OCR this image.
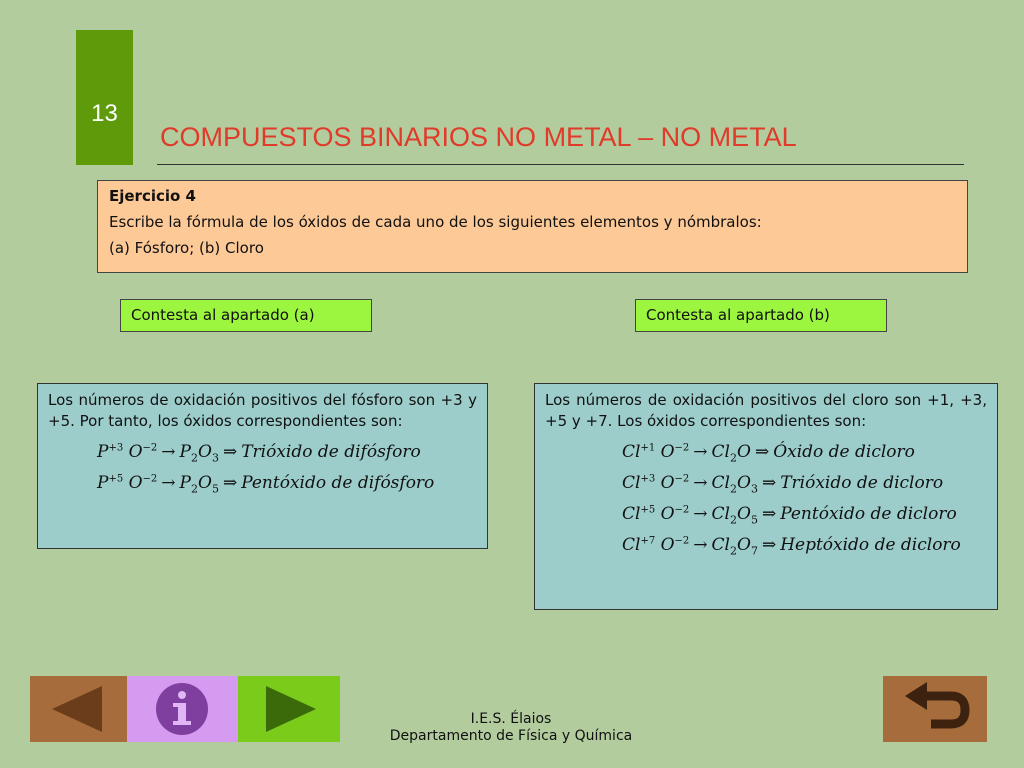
13
COMPUESTOS BINARIOS NO METAL – NO METAL
Ejercicio 4
Escribe la fórmula de los óxidos de cada uno de los siguientes elementos y nómbralos:
(a) Fósforo; (b) Cloro
Contesta al apartado (a)	Contesta al apartado (b)
Los números de oxidación positivos del fósforo son +3 y +5. Por tanto, los óxidos correspondientes son:
$P^{+3}$ $O^{-2} \to P_2O_3$ ⇒ Trióxido de difósforo
$P^{+5}$ $O^{-2} \to P_2O_5$ ⇒ Pentóxido de difósforo
Los números de oxidación positivos del cloro son +1, +3, +5 y +7. Los óxidos correspondientes son:
$Cl^{+1}$ $O^{-2} \to Cl_2O$ ⇒ Óxido de dicloro
$Cl^{+3}$ $O^{-2} \to Cl_2O_3$ ⇒ Trióxido de dicloro
$Cl^{+5}$ $O^{-2} \to Cl_2O_5$ ⇒ Pentóxido de dicloro
$Cl^{+7}$ $O^{-2} \to Cl_2O_7$ ⇒ Heptóxido de dicloro
I.E.S. Élaios
Departamento de Física y Química
